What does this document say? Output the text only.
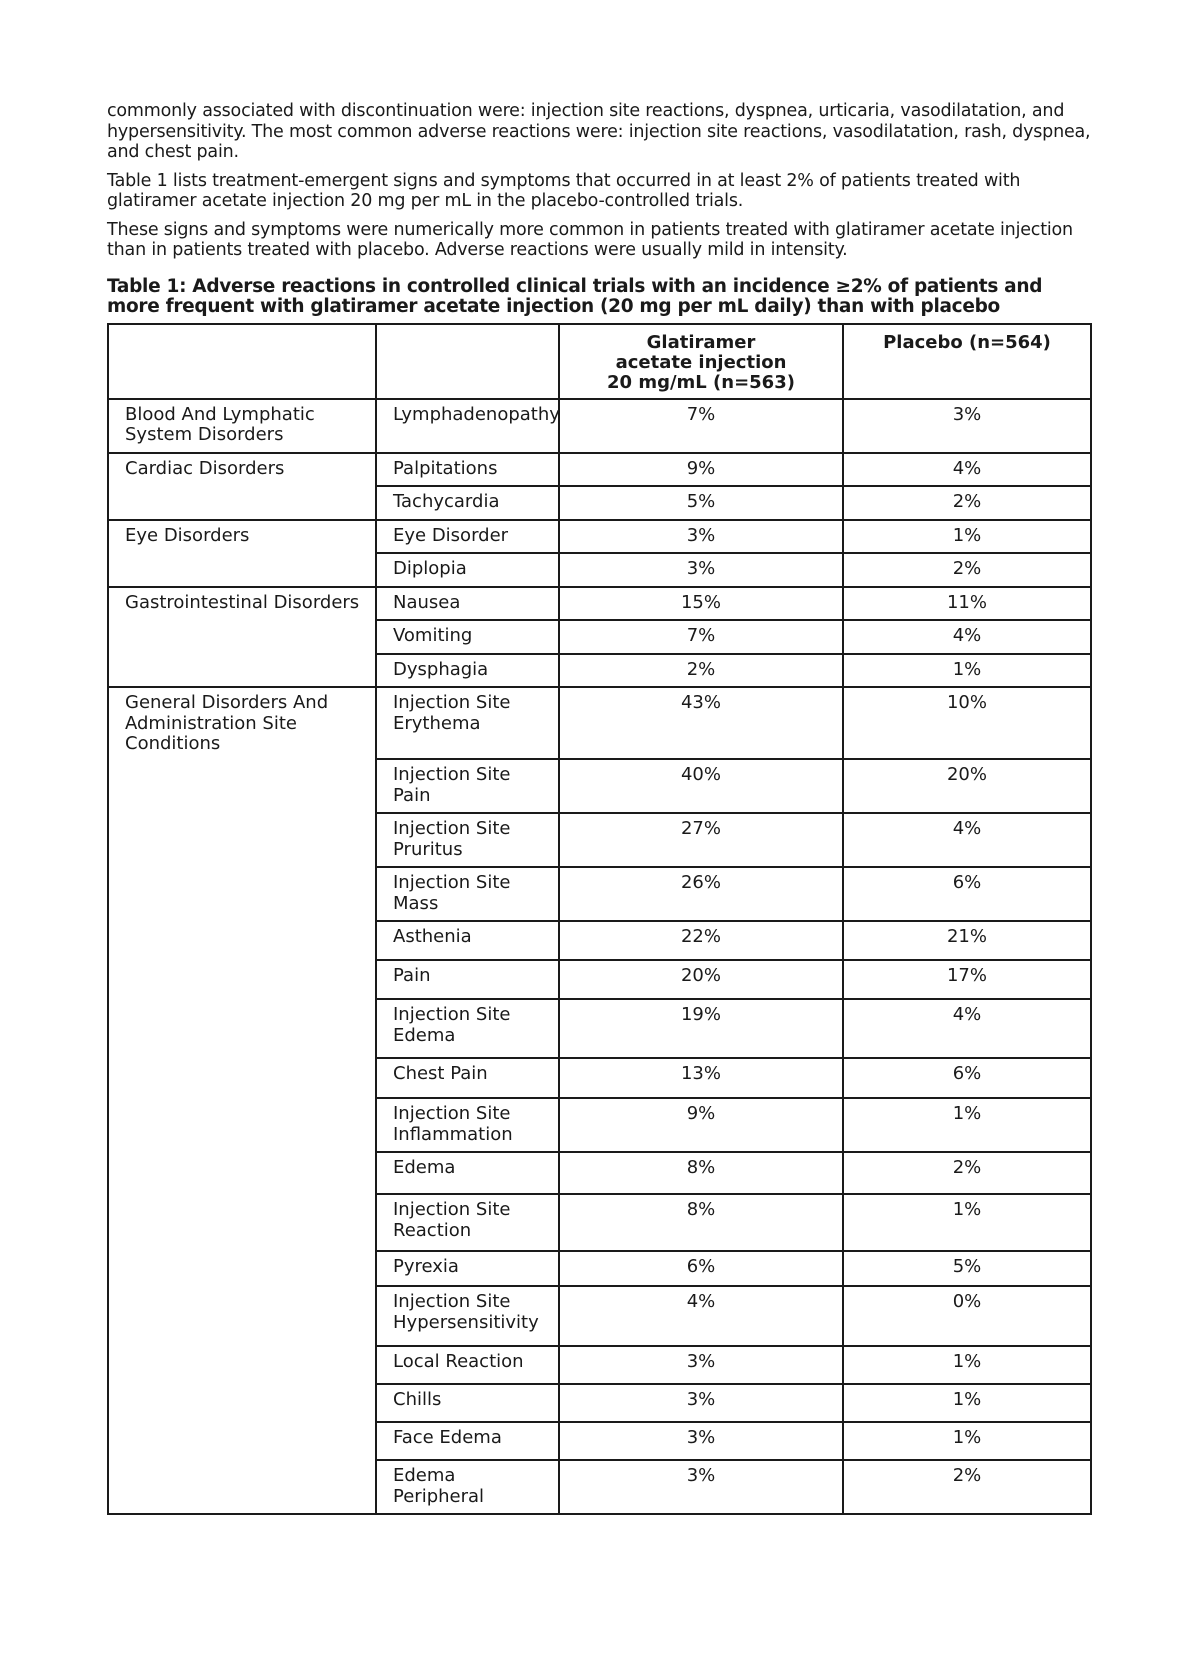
commonly associated with discontinuation were: injection site reactions, dyspnea, urticaria, vasodilatation, and hypersensitivity. The most common adverse reactions were: injection site reactions, vasodilatation, rash, dyspnea, and chest pain.

Table 1 lists treatment-emergent signs and symptoms that occurred in at least 2% of patients treated with glatiramer acetate injection 20 mg per mL in the placebo-controlled trials.

These signs and symptoms were numerically more common in patients treated with glatiramer acetate injection than in patients treated with placebo. Adverse reactions were usually mild in intensity.

Table 1: Adverse reactions in controlled clinical trials with an incidence ≥2% of patients and more frequent with glatiramer acetate injection (20 mg per mL daily) than with placebo

		Glatiramer
acetate injection
20 mg/mL (n=563)	Placebo (n=564)
Blood And Lymphatic System Disorders	Lymphadenopathy	7%	3%
Cardiac Disorders	Palpitations	9%	4%
	Tachycardia	5%	2%
Eye Disorders	Eye Disorder	3%	1%
	Diplopia	3%	2%
Gastrointestinal Disorders	Nausea	15%	11%
	Vomiting	7%	4%
	Dysphagia	2%	1%
General Disorders And Administration Site Conditions	Injection Site Erythema	43%	10%
	Injection Site Pain	40%	20%
	Injection Site Pruritus	27%	4%
	Injection Site Mass	26%	6%
	Asthenia	22%	21%
	Pain	20%	17%
	Injection Site Edema	19%	4%
	Chest Pain	13%	6%
	Injection Site Inflammation	9%	1%
	Edema	8%	2%
	Injection Site Reaction	8%	1%
	Pyrexia	6%	5%
	Injection Site Hypersensitivity	4%	0%
	Local Reaction	3%	1%
	Chills	3%	1%
	Face Edema	3%	1%
	Edema Peripheral	3%	2%
